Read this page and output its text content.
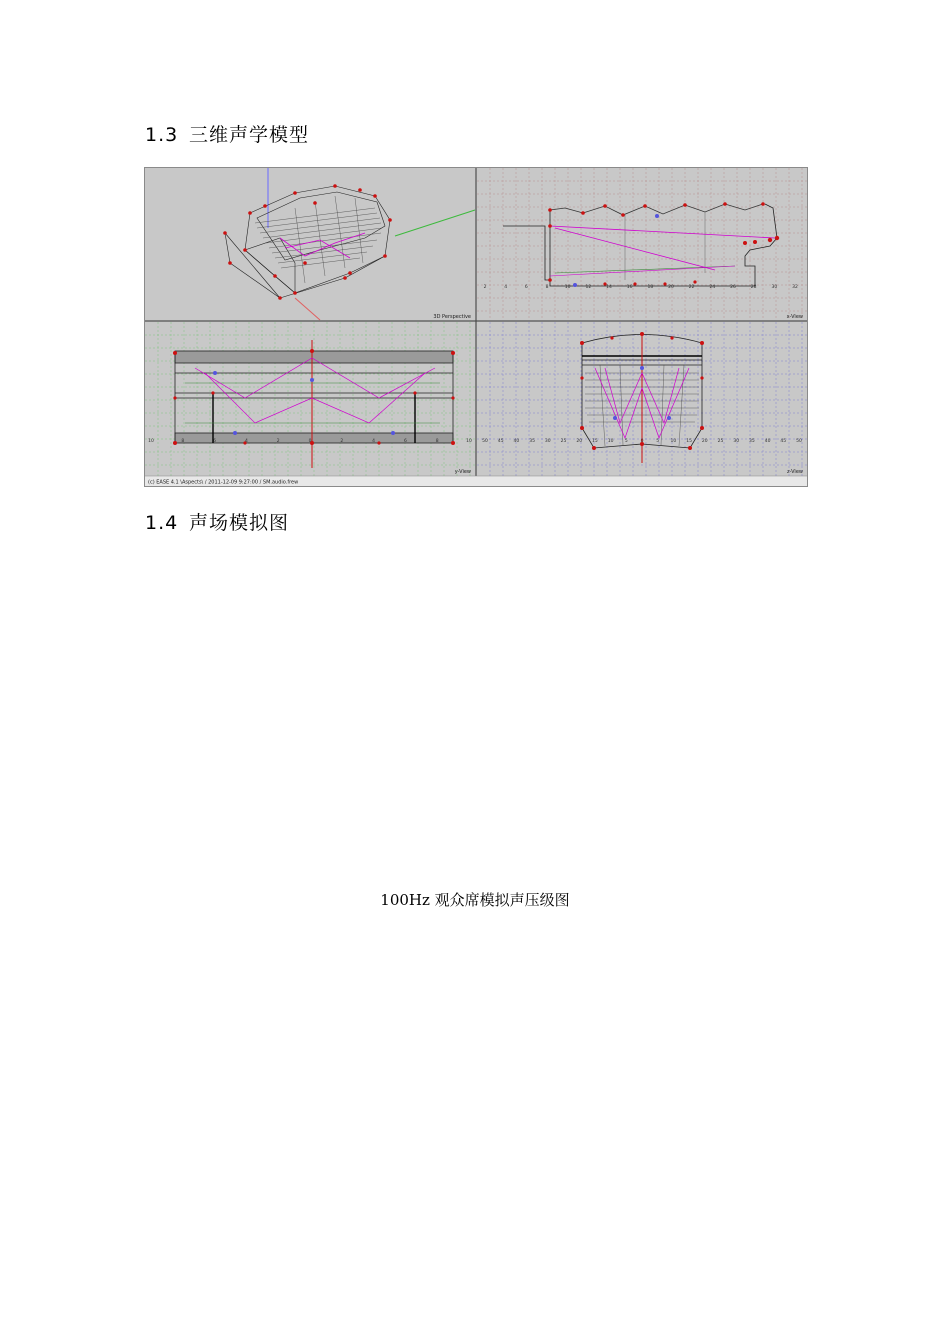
1.3 三维声学模型
2	4	6	8	10	12	14	16	18	20	22	24	26	28	30	32
x-View
3D Perspective
10	8	6	4	2	0	2	4	6	8	10
y-View
50 45 40 35 30 25 20 15 10	5	0	5	10 15 20 25 30 35 40 45 50
z-View
(c) EASE 4.1 \Aspects\ / 2011-12-09 9:27:00 / SM.audio.frew
1.4 声场模拟图
100Hz 观众席模拟声压级图
